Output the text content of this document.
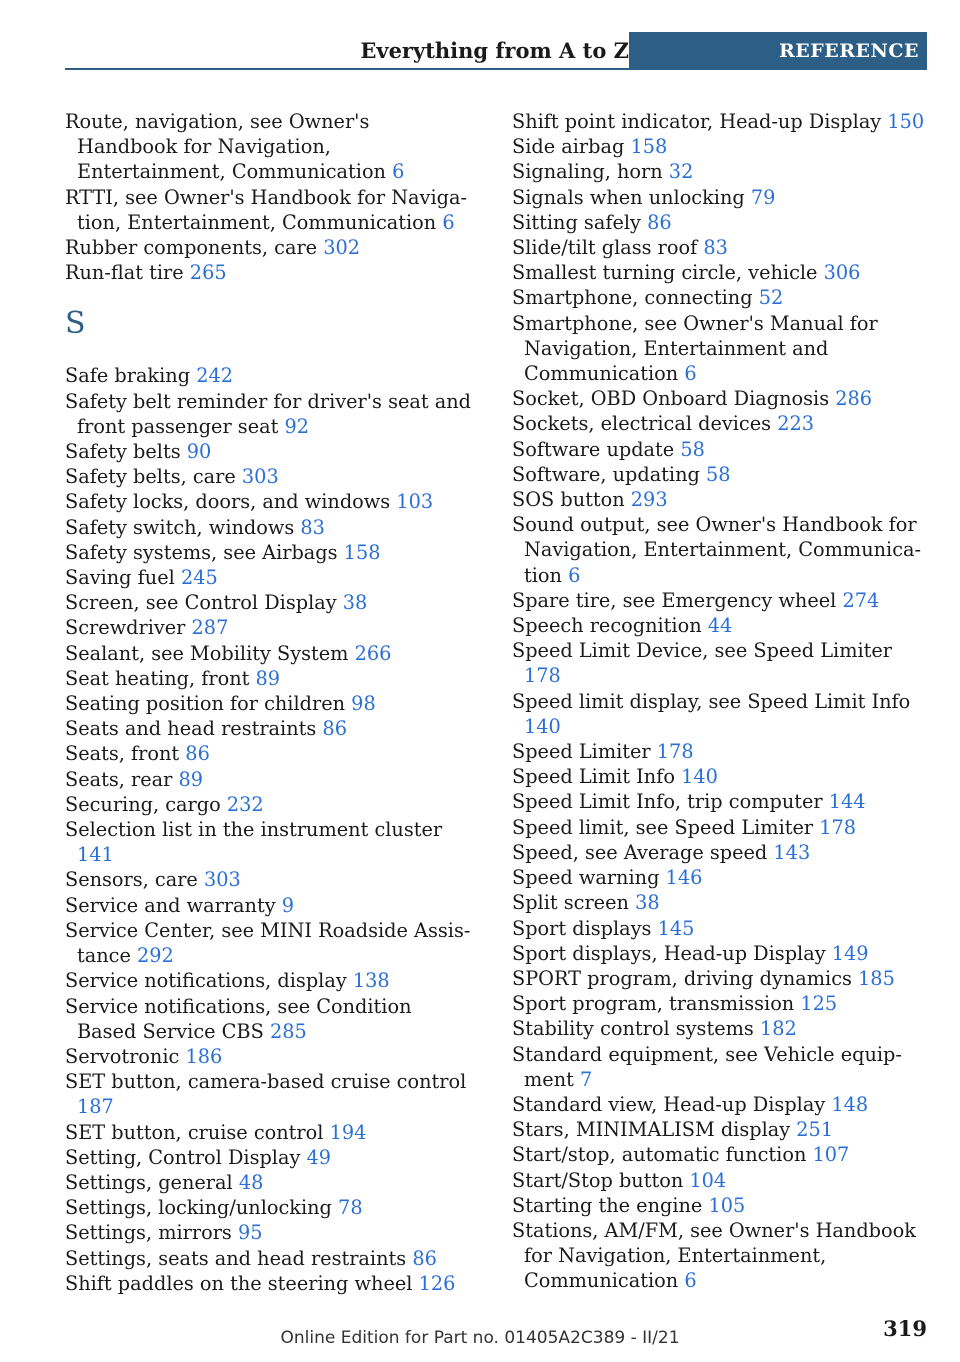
Everything from A to Z	REFERENCE
Route, navigation, see Owner's Handbook for Navigation, Entertainment, Communication 6
RTTI, see Owner's Handbook for Navigation, Entertainment, Communication 6
Rubber components, care 302
Run-flat tire 265
S
Safe braking 242
Safety belt reminder for driver's seat and front passenger seat 92
Safety belts 90
Safety belts, care 303
Safety locks, doors, and windows 103
Safety switch, windows 83
Safety systems, see Airbags 158
Saving fuel 245
Screen, see Control Display 38
Screwdriver 287
Sealant, see Mobility System 266
Seat heating, front 89
Seating position for children 98
Seats and head restraints 86
Seats, front 86
Seats, rear 89
Securing, cargo 232
Selection list in the instrument cluster 141
Sensors, care 303
Service and warranty 9
Service Center, see MINI Roadside Assistance 292
Service notifications, display 138
Service notifications, see Condition Based Service CBS 285
Servotronic 186
SET button, camera-based cruise control 187
SET button, cruise control 194
Setting, Control Display 49
Settings, general 48
Settings, locking/unlocking 78
Settings, mirrors 95
Settings, seats and head restraints 86
Shift paddles on the steering wheel 126
Shift point indicator, Head-up Display 150
Side airbag 158
Signaling, horn 32
Signals when unlocking 79
Sitting safely 86
Slide/tilt glass roof 83
Smallest turning circle, vehicle 306
Smartphone, connecting 52
Smartphone, see Owner's Manual for Navigation, Entertainment and Communication 6
Socket, OBD Onboard Diagnosis 286
Sockets, electrical devices 223
Software update 58
Software, updating 58
SOS button 293
Sound output, see Owner's Handbook for Navigation, Entertainment, Communication 6
Spare tire, see Emergency wheel 274
Speech recognition 44
Speed Limit Device, see Speed Limiter 178
Speed limit display, see Speed Limit Info 140
Speed Limiter 178
Speed Limit Info 140
Speed Limit Info, trip computer 144
Speed limit, see Speed Limiter 178
Speed, see Average speed 143
Speed warning 146
Split screen 38
Sport displays 145
Sport displays, Head-up Display 149
SPORT program, driving dynamics 185
Sport program, transmission 125
Stability control systems 182
Standard equipment, see Vehicle equipment 7
Standard view, Head-up Display 148
Stars, MINIMALISM display 251
Start/stop, automatic function 107
Start/Stop button 104
Starting the engine 105
Stations, AM/FM, see Owner's Handbook for Navigation, Entertainment, Communication 6
319
Online Edition for Part no. 01405A2C389 - II/21
